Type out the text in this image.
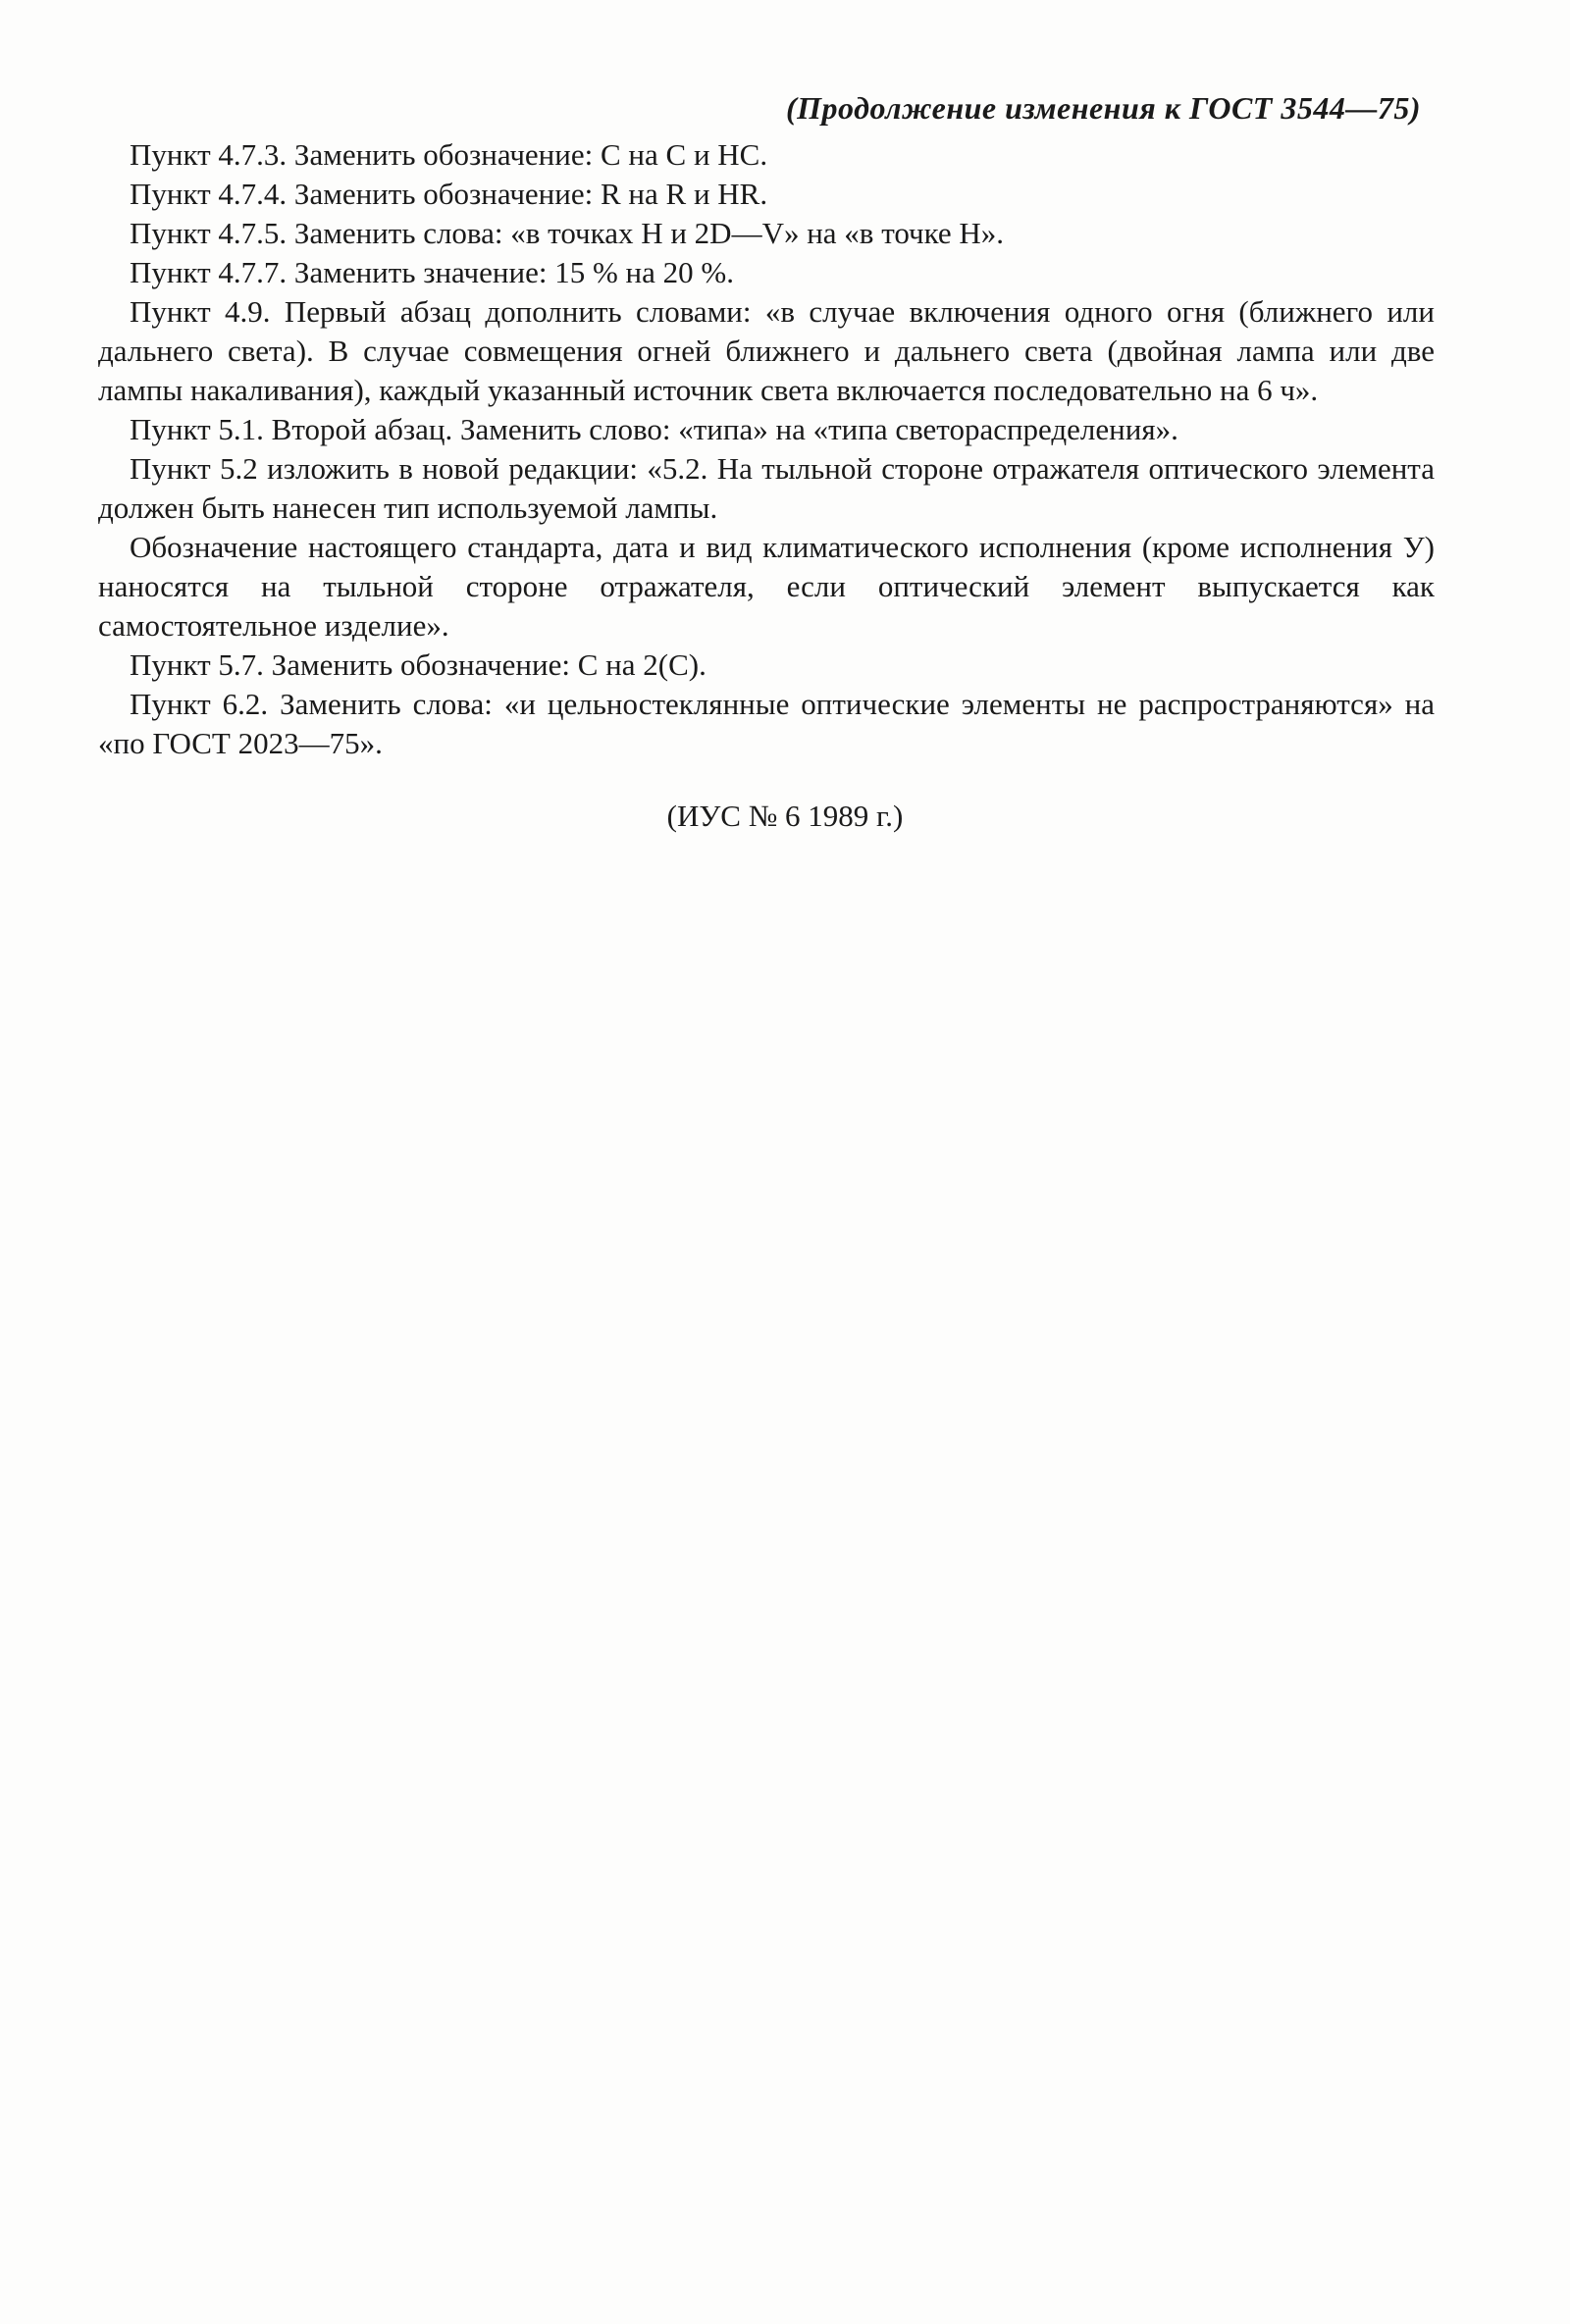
(Продолжение изменения к ГОСТ 3544—75)

Пункт 4.7.3. Заменить обозначение: C на C и HC.

Пункт 4.7.4. Заменить обозначение: R на R и HR.

Пункт 4.7.5. Заменить слова: «в точках H и 2D—V» на «в точке H».

Пункт 4.7.7. Заменить значение: 15 % на 20 %.

Пункт 4.9. Первый абзац дополнить словами: «в случае включения одного огня (ближнего или дальнего света). В случае совмещения огней ближнего и дальнего света (двойная лампа или две лампы накаливания), каждый указанный источник света включается последовательно на 6 ч».

Пункт 5.1. Второй абзац. Заменить слово: «типа» на «типа светораспределения».

Пункт 5.2 изложить в новой редакции: «5.2. На тыльной стороне отражателя оптического элемента должен быть нанесен тип используемой лампы.

Обозначение настоящего стандарта, дата и вид климатического исполнения (кроме исполнения У) наносятся на тыльной стороне отражателя, если оптический элемент выпускается как самостоятельное изделие».

Пункт 5.7. Заменить обозначение: C на 2(C).

Пункт 6.2. Заменить слова: «и цельностеклянные оптические элементы не распространяются» на «по ГОСТ 2023—75».

(ИУС № 6 1989 г.)
